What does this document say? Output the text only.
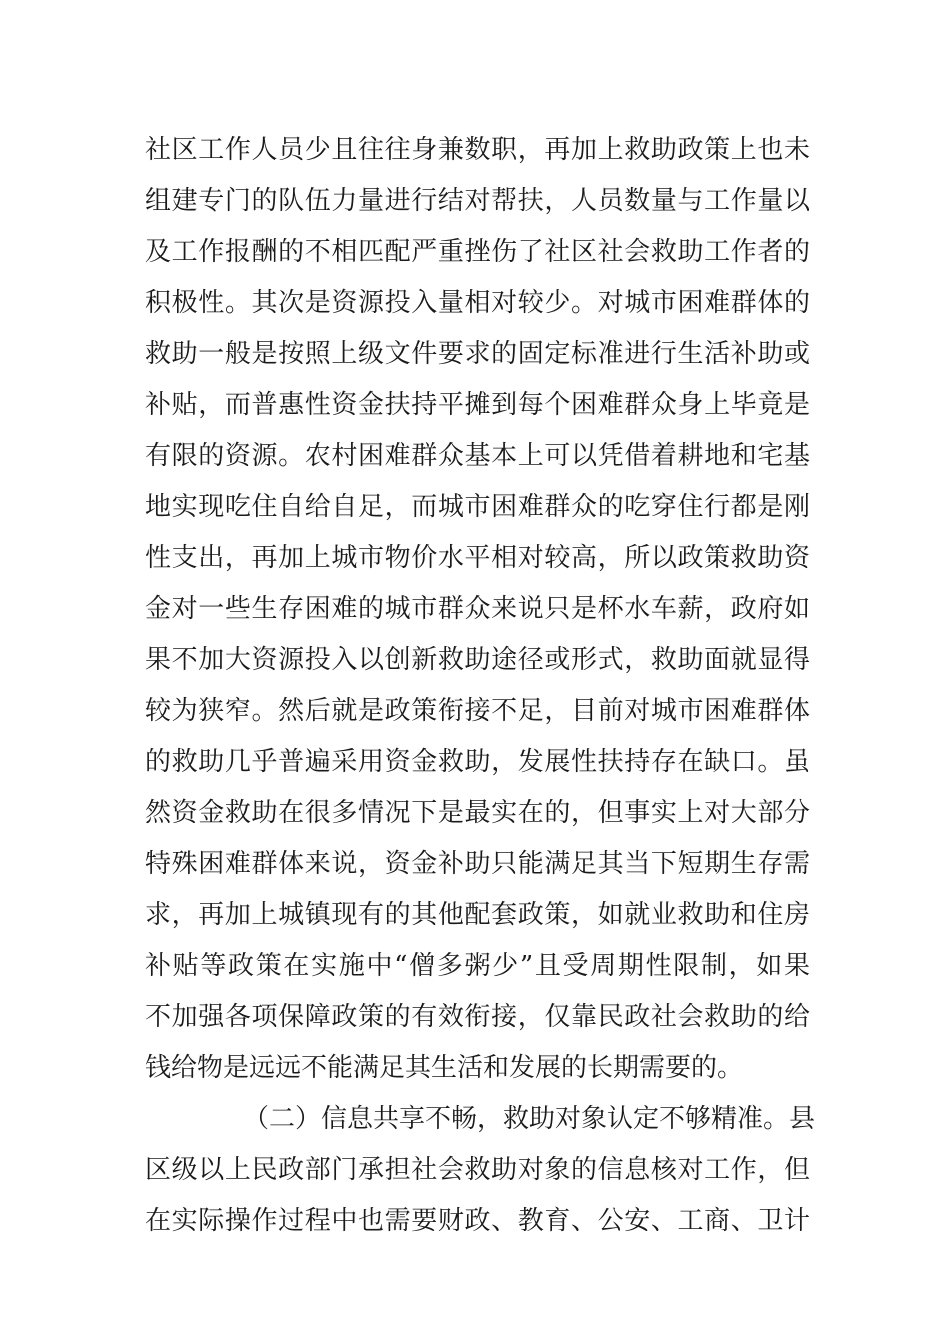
社区工作人员少且往往身兼数职，再加上救助政策上也未
组建专门的队伍力量进行结对帮扶，人员数量与工作量以
及工作报酬的不相匹配严重挫伤了社区社会救助工作者的
积极性。其次是资源投入量相对较少。对城市困难群体的
救助一般是按照上级文件要求的固定标准进行生活补助或
补贴，而普惠性资金扶持平摊到每个困难群众身上毕竟是
有限的资源。农村困难群众基本上可以凭借着耕地和宅基
地实现吃住自给自足，而城市困难群众的吃穿住行都是刚
性支出，再加上城市物价水平相对较高，所以政策救助资
金对一些生存困难的城市群众来说只是杯水车薪，政府如
果不加大资源投入以创新救助途径或形式，救助面就显得
较为狭窄。然后就是政策衔接不足，目前对城市困难群体
的救助几乎普遍采用资金救助，发展性扶持存在缺口。虽
然资金救助在很多情况下是最实在的，但事实上对大部分
特殊困难群体来说，资金补助只能满足其当下短期生存需
求，再加上城镇现有的其他配套政策，如就业救助和住房
补贴等政策在实施中“僧多粥少”且受周期性限制，如果
不加强各项保障政策的有效衔接，仅靠民政社会救助的给
钱给物是远远不能满足其生活和发展的长期需要的。
（二）信息共享不畅，救助对象认定不够精准。县
区级以上民政部门承担社会救助对象的信息核对工作，但
在实际操作过程中也需要财政、教育、公安、工商、卫计
